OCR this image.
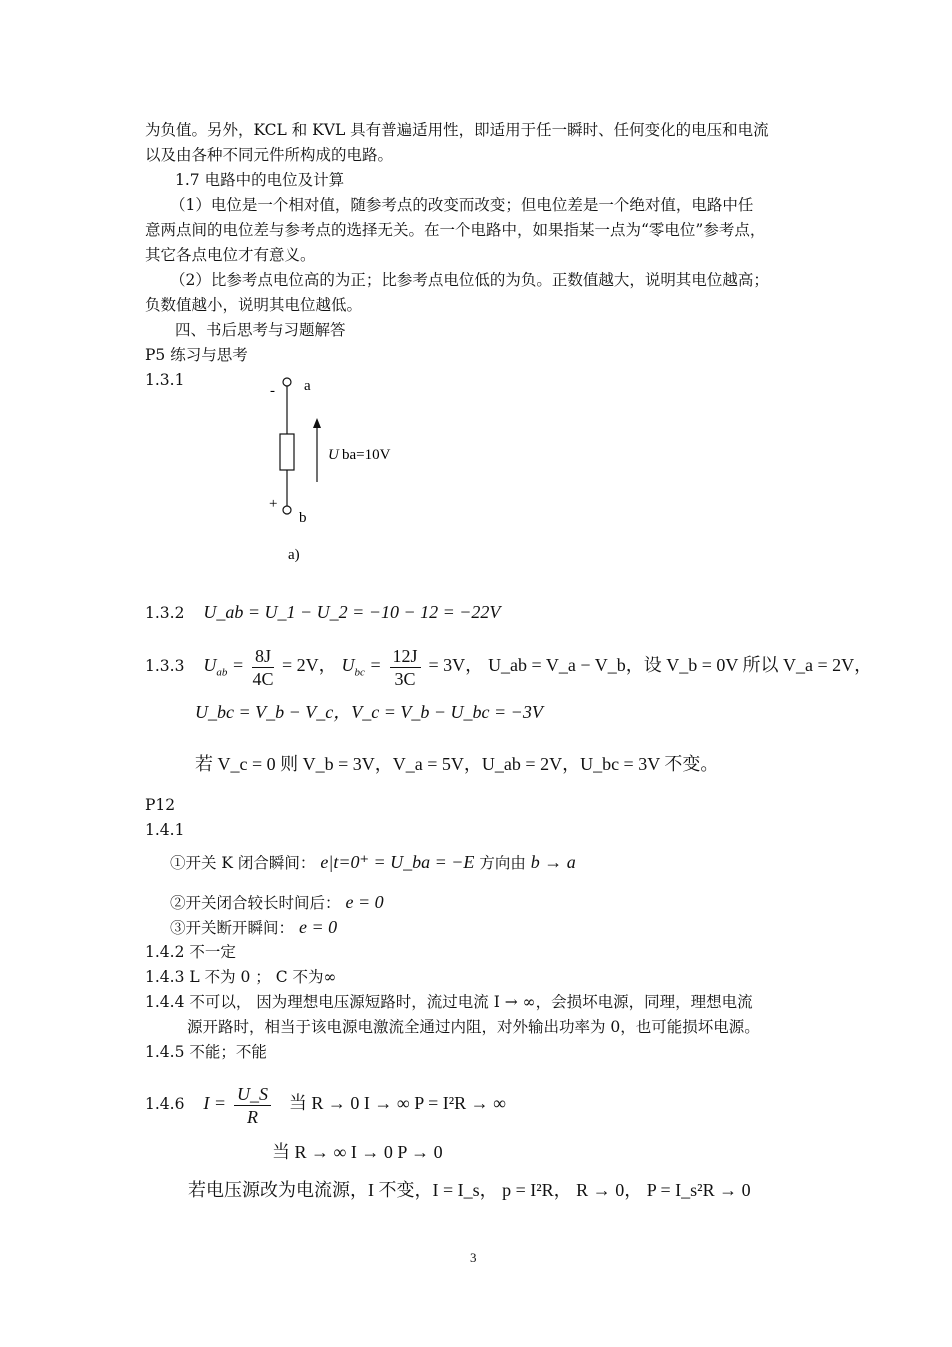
为负值。另外，KCL 和 KVL 具有普遍适用性，即适用于任一瞬时、任何变化的电压和电流
以及由各种不同元件所构成的电路。
1.7 电路中的电位及计算
（1）电位是一个相对值，随参考点的改变而改变；但电位差是一个绝对值，电路中任
意两点间的电位差与参考点的选择无关。在一个电路中，如果指某一点为“零电位”参考点，
其它各点电位才有意义。
（2）比参考点电位高的为正；比参考点电位低的为负。正数值越大，说明其电位越高；
负数值越小，说明其电位越低。
四、书后思考与习题解答
P5 练习与思考
1.3.1
- a
+
b
U ba=10V
a)
1.3.2 U_ab = U_1 − U_2 = −10 − 12 = −22V
1.3.3 $U_{ab} = \frac{8J}{4C} = 2V$， $U_{bc} = \frac{12J}{3C} = 3V$， U_ab = V_a − V_b，设 V_b = 0V 所以 V_a = 2V，
U_bc = V_b − V_c，V_c = V_b − U_bc = −3V
若 V_c = 0 则 V_b = 3V，V_a = 5V，U_ab = 2V，U_bc = 3V 不变。
P12
1.4.1
①开关 K 闭合瞬间： e|t=0⁺ = U_ba = −E 方向由 b → a
②开关闭合较长时间后： e = 0
③开关断开瞬间： e = 0
1.4.2 不一定
1.4.3 L 不为 0 ； C 不为∞
1.4.4 不可以， 因为理想电压源短路时，流过电流 I → ∞，会损坏电源，同理，理想电流
源开路时，相当于该电源电激流全通过内阻，对外输出功率为 0，也可能损坏电源。
1.4.5 不能；不能
1.4.6 $I = \frac{U\_S}{R}$ 当 R → 0 I → ∞ P = I²R → ∞
当 R → ∞ I → 0 P → 0
若电压源改为电流源，I 不变，I = I_s， p = I²R， R → 0， P = I_s²R → 0
3
